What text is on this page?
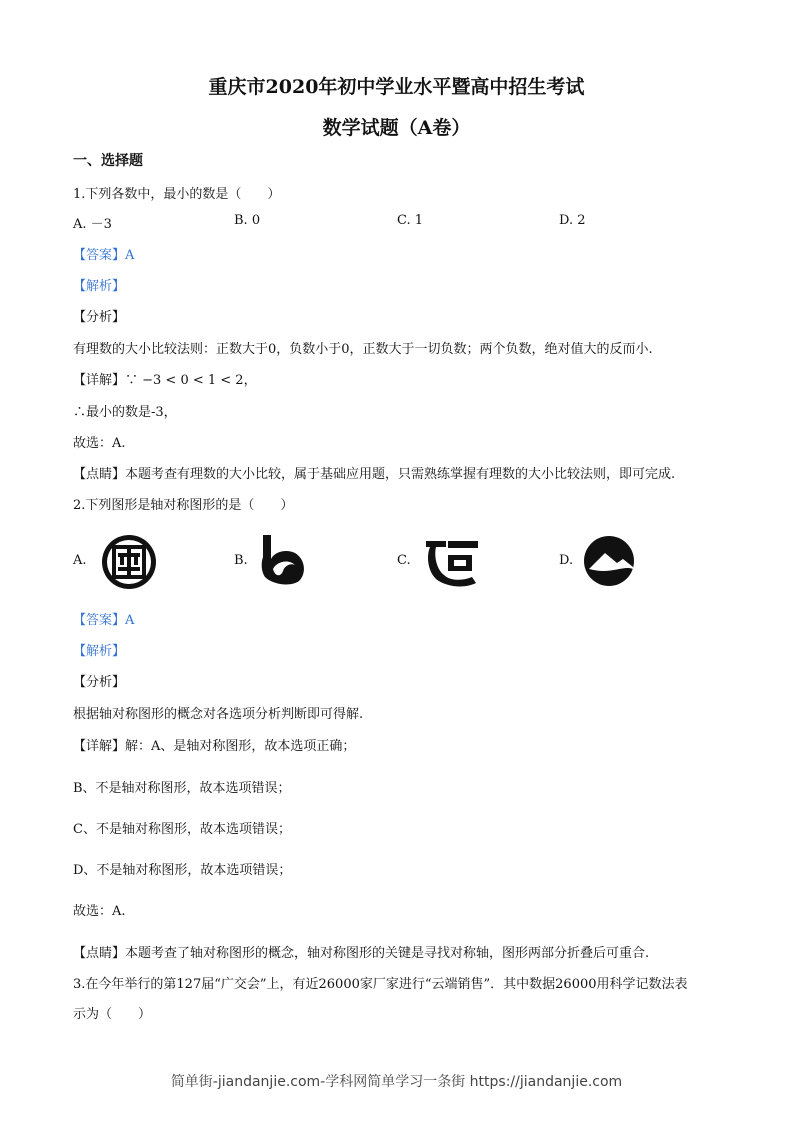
重庆市2020年初中学业水平暨高中招生考试
数学试题（A卷）
一、选择题
1.下列各数中，最小的数是（　　）
A. －3	B. 0	C. 1	D. 2
【答案】A
【解析】
【分析】
有理数的大小比较法则：正数大于0，负数小于0，正数大于一切负数；两个负数，绝对值大的反而小.
【详解】∵ −3 < 0 < 1 < 2，
∴最小的数是-3，
故选：A.
【点睛】本题考查有理数的大小比较，属于基础应用题，只需熟练掌握有理数的大小比较法则，即可完成.
2.下列图形是轴对称图形的是（　　）
A.	B.	C.	D.
【答案】A
【解析】
【分析】
根据轴对称图形的概念对各选项分析判断即可得解.
【详解】解：A、是轴对称图形，故本选项正确；
B、不是轴对称图形，故本选项错误；
C、不是轴对称图形，故本选项错误；
D、不是轴对称图形，故本选项错误；
故选：A.
【点睛】本题考查了轴对称图形的概念，轴对称图形的关键是寻找对称轴，图形两部分折叠后可重合.
3.在今年举行的第127届“广交会”上，有近26000家厂家进行“云端销售”．其中数据26000用科学记数法表
示为（　　）
简单街-jiandanjie.com-学科网简单学习一条街 https://jiandanjie.com
